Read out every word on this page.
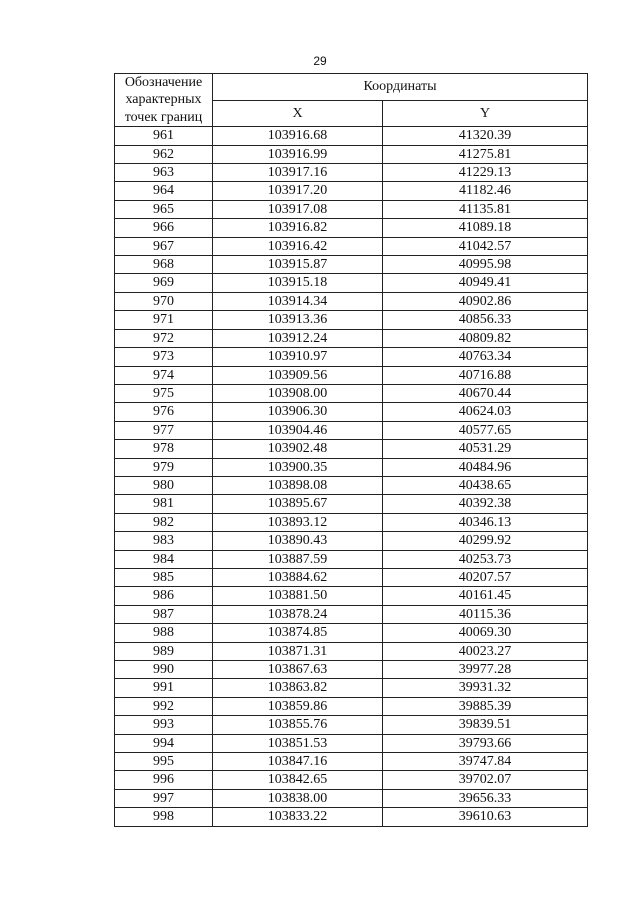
29
Обозначение
характерных
точек границ	Координаты	
	X	Y
961	103916.68	41320.39
962	103916.99	41275.81
963	103917.16	41229.13
964	103917.20	41182.46
965	103917.08	41135.81
966	103916.82	41089.18
967	103916.42	41042.57
968	103915.87	40995.98
969	103915.18	40949.41
970	103914.34	40902.86
971	103913.36	40856.33
972	103912.24	40809.82
973	103910.97	40763.34
974	103909.56	40716.88
975	103908.00	40670.44
976	103906.30	40624.03
977	103904.46	40577.65
978	103902.48	40531.29
979	103900.35	40484.96
980	103898.08	40438.65
981	103895.67	40392.38
982	103893.12	40346.13
983	103890.43	40299.92
984	103887.59	40253.73
985	103884.62	40207.57
986	103881.50	40161.45
987	103878.24	40115.36
988	103874.85	40069.30
989	103871.31	40023.27
990	103867.63	39977.28
991	103863.82	39931.32
992	103859.86	39885.39
993	103855.76	39839.51
994	103851.53	39793.66
995	103847.16	39747.84
996	103842.65	39702.07
997	103838.00	39656.33
998	103833.22	39610.63
